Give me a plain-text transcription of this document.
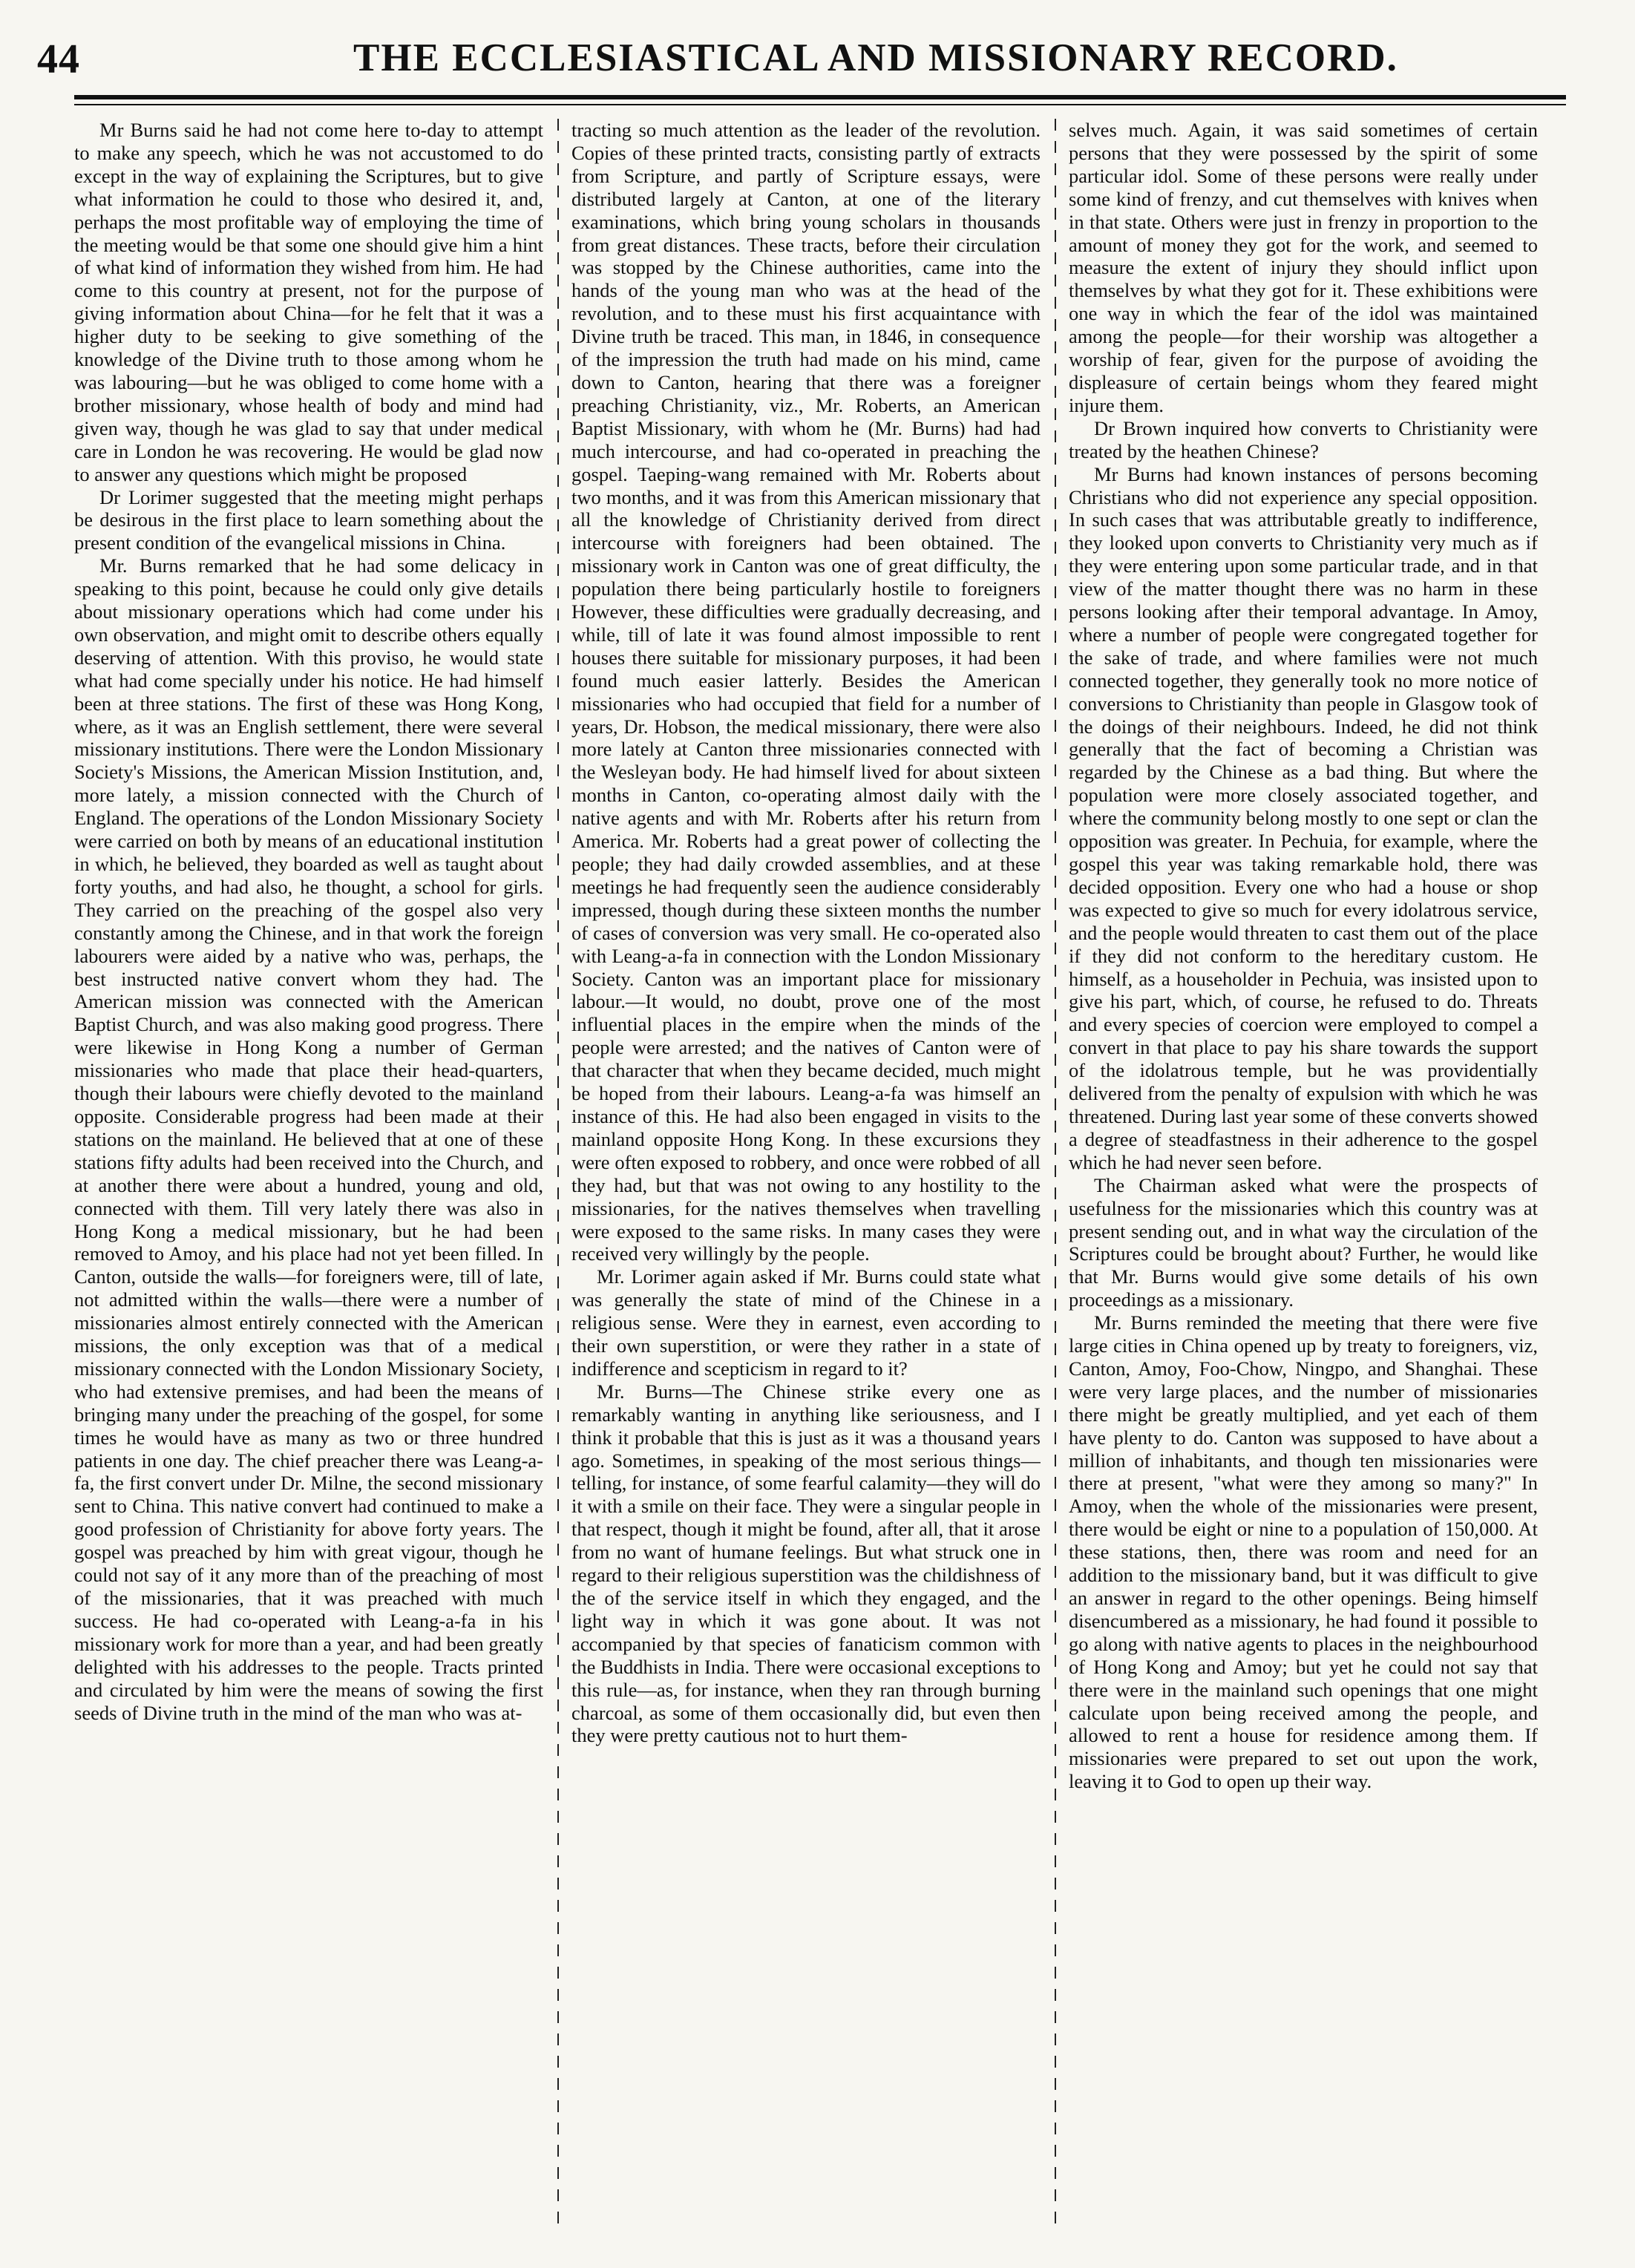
44	THE ECCLESIASTICAL AND MISSIONARY RECORD.

Mr Burns said he had not come here to-day to attempt to make any speech, which he was not accustomed to do except in the way of explaining the Scriptures, but to give what information he could to those who desired it, and, perhaps the most profitable way of employing the time of the meeting would be that some one should give him a hint of what kind of information they wished from him. He had come to this country at present, not for the purpose of giving information about China—for he felt that it was a higher duty to be seeking to give something of the knowledge of the Divine truth to those among whom he was labouring—but he was obliged to come home with a brother missionary, whose health of body and mind had given way, though he was glad to say that under medical care in London he was recovering. He would be glad now to answer any questions which might be proposed

Dr Lorimer suggested that the meeting might perhaps be desirous in the first place to learn something about the present condition of the evangelical missions in China.

Mr. Burns remarked that he had some delicacy in speaking to this point, because he could only give details about missionary operations which had come under his own observation, and might omit to describe others equally deserving of attention. With this proviso, he would state what had come specially under his notice. He had himself been at three stations. The first of these was Hong Kong, where, as it was an English settlement, there were several missionary institutions. There were the London Missionary Society's Missions, the American Mission Institution, and, more lately, a mission connected with the Church of England. The operations of the London Missionary Society were carried on both by means of an educational institution in which, he believed, they boarded as well as taught about forty youths, and had also, he thought, a school for girls. They carried on the preaching of the gospel also very constantly among the Chinese, and in that work the foreign labourers were aided by a native who was, perhaps, the best instructed native convert whom they had. The American mission was connected with the American Baptist Church, and was also making good progress. There were likewise in Hong Kong a number of German missionaries who made that place their head-quarters, though their labours were chiefly devoted to the mainland opposite. Considerable progress had been made at their stations on the mainland. He believed that at one of these stations fifty adults had been received into the Church, and at another there were about a hundred, young and old, connected with them. Till very lately there was also in Hong Kong a medical missionary, but he had been removed to Amoy, and his place had not yet been filled. In Canton, outside the walls—for foreigners were, till of late, not admitted within the walls—there were a number of missionaries almost entirely connected with the American missions, the only exception was that of a medical missionary connected with the London Missionary Society, who had extensive premises, and had been the means of bringing many under the preaching of the gospel, for some times he would have as many as two or three hundred patients in one day. The chief preacher there was Leang-a-fa, the first convert under Dr. Milne, the second missionary sent to China. This native convert had continued to make a good profession of Christianity for above forty years. The gospel was preached by him with great vigour, though he could not say of it any more than of the preaching of most of the missionaries, that it was preached with much success. He had co-operated with Leang-a-fa in his missionary work for more than a year, and had been greatly delighted with his addresses to the people. Tracts printed and circulated by him were the means of sowing the first seeds of Divine truth in the mind of the man who was at-

tracting so much attention as the leader of the revolution. Copies of these printed tracts, consisting partly of extracts from Scripture, and partly of Scripture essays, were distributed largely at Canton, at one of the literary examinations, which bring young scholars in thousands from great distances. These tracts, before their circulation was stopped by the Chinese authorities, came into the hands of the young man who was at the head of the revolution, and to these must his first acquaintance with Divine truth be traced. This man, in 1846, in consequence of the impression the truth had made on his mind, came down to Canton, hearing that there was a foreigner preaching Christianity, viz., Mr. Roberts, an American Baptist Missionary, with whom he (Mr. Burns) had had much intercourse, and had co-operated in preaching the gospel. Taeping-wang remained with Mr. Roberts about two months, and it was from this American missionary that all the knowledge of Christianity derived from direct intercourse with foreigners had been obtained. The missionary work in Canton was one of great difficulty, the population there being particularly hostile to foreigners However, these difficulties were gradually decreasing, and while, till of late it was found almost impossible to rent houses there suitable for missionary purposes, it had been found much easier latterly. Besides the American missionaries who had occupied that field for a number of years, Dr. Hobson, the medical missionary, there were also more lately at Canton three missionaries connected with the Wesleyan body. He had himself lived for about sixteen months in Canton, co-operating almost daily with the native agents and with Mr. Roberts after his return from America. Mr. Roberts had a great power of collecting the people; they had daily crowded assemblies, and at these meetings he had frequently seen the audience considerably impressed, though during these sixteen months the number of cases of conversion was very small. He co-operated also with Leang-a-fa in connection with the London Missionary Society. Canton was an important place for missionary labour.—It would, no doubt, prove one of the most influential places in the empire when the minds of the people were arrested; and the natives of Canton were of that character that when they became decided, much might be hoped from their labours. Leang-a-fa was himself an instance of this. He had also been engaged in visits to the mainland opposite Hong Kong. In these excursions they were often exposed to robbery, and once were robbed of all they had, but that was not owing to any hostility to the missionaries, for the natives themselves when travelling were exposed to the same risks. In many cases they were received very willingly by the people.

Mr. Lorimer again asked if Mr. Burns could state what was generally the state of mind of the Chinese in a religious sense. Were they in earnest, even according to their own superstition, or were they rather in a state of indifference and scepticism in regard to it?

Mr. Burns—The Chinese strike every one as remarkably wanting in anything like seriousness, and I think it probable that this is just as it was a thousand years ago. Sometimes, in speaking of the most serious things—telling, for instance, of some fearful calamity—they will do it with a smile on their face. They were a singular people in that respect, though it might be found, after all, that it arose from no want of humane feelings. But what struck one in regard to their religious superstition was the childishness of the of the service itself in which they engaged, and the light way in which it was gone about. It was not accompanied by that species of fanaticism common with the Buddhists in India. There were occasional exceptions to this rule—as, for instance, when they ran through burning charcoal, as some of them occasionally did, but even then they were pretty cautious not to hurt them-

selves much. Again, it was said sometimes of certain persons that they were possessed by the spirit of some particular idol. Some of these persons were really under some kind of frenzy, and cut themselves with knives when in that state. Others were just in frenzy in proportion to the amount of money they got for the work, and seemed to measure the extent of injury they should inflict upon themselves by what they got for it. These exhibitions were one way in which the fear of the idol was maintained among the people—for their worship was altogether a worship of fear, given for the purpose of avoiding the displeasure of certain beings whom they feared might injure them.

Dr Brown inquired how converts to Christianity were treated by the heathen Chinese?

Mr Burns had known instances of persons becoming Christians who did not experience any special opposition. In such cases that was attributable greatly to indifference, they looked upon converts to Christianity very much as if they were entering upon some particular trade, and in that view of the matter thought there was no harm in these persons looking after their temporal advantage. In Amoy, where a number of people were congregated together for the sake of trade, and where families were not much connected together, they generally took no more notice of conversions to Christianity than people in Glasgow took of the doings of their neighbours. Indeed, he did not think generally that the fact of becoming a Christian was regarded by the Chinese as a bad thing. But where the population were more closely associated together, and where the community belong mostly to one sept or clan the opposition was greater. In Pechuia, for example, where the gospel this year was taking remarkable hold, there was decided opposition. Every one who had a house or shop was expected to give so much for every idolatrous service, and the people would threaten to cast them out of the place if they did not conform to the hereditary custom. He himself, as a householder in Pechuia, was insisted upon to give his part, which, of course, he refused to do. Threats and every species of coercion were employed to compel a convert in that place to pay his share towards the support of the idolatrous temple, but he was providentially delivered from the penalty of expulsion with which he was threatened. During last year some of these converts showed a degree of steadfastness in their adherence to the gospel which he had never seen before.

The Chairman asked what were the prospects of usefulness for the missionaries which this country was at present sending out, and in what way the circulation of the Scriptures could be brought about? Further, he would like that Mr. Burns would give some details of his own proceedings as a missionary.

Mr. Burns reminded the meeting that there were five large cities in China opened up by treaty to foreigners, viz, Canton, Amoy, Foo-Chow, Ningpo, and Shanghai. These were very large places, and the number of missionaries there might be greatly multiplied, and yet each of them have plenty to do. Canton was supposed to have about a million of inhabitants, and though ten missionaries were there at present, "what were they among so many?" In Amoy, when the whole of the missionaries were present, there would be eight or nine to a population of 150,000. At these stations, then, there was room and need for an addition to the missionary band, but it was difficult to give an answer in regard to the other openings. Being himself disencumbered as a missionary, he had found it possible to go along with native agents to places in the neighbourhood of Hong Kong and Amoy; but yet he could not say that there were in the mainland such openings that one might calculate upon being received among the people, and allowed to rent a house for residence among them. If missionaries were prepared to set out upon the work, leaving it to God to open up their way.
